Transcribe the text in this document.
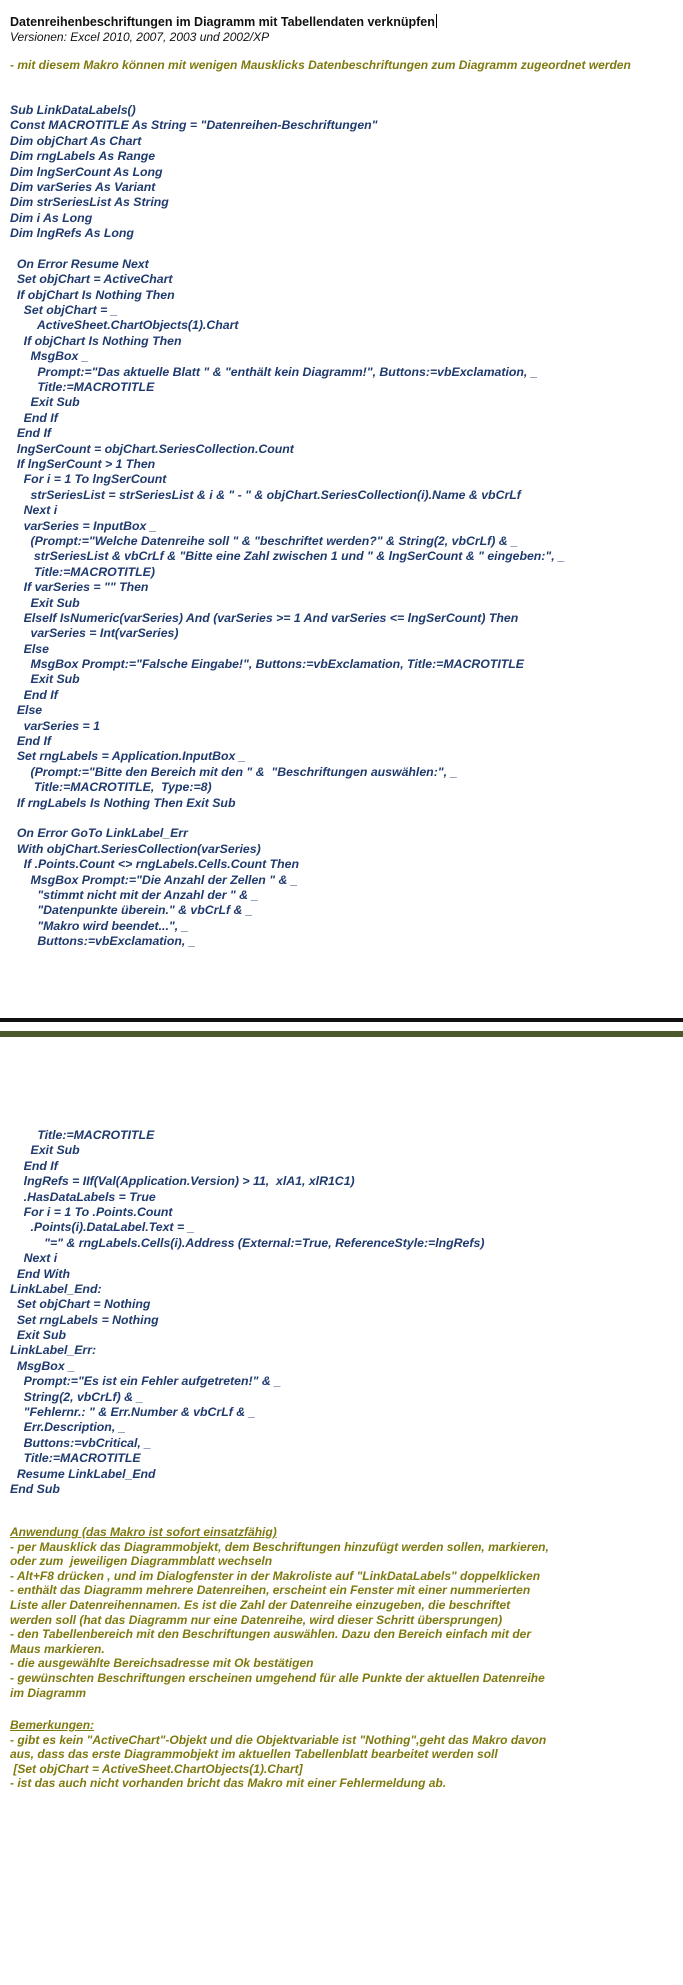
Datenreihenbeschriftungen im Diagramm mit Tabellendaten verknüpfen
Versionen: Excel 2010, 2007, 2003 und 2002/XP
- mit diesem Makro können mit wenigen Mausklicks Datenbeschriftungen zum Diagramm zugeordnet werden
Sub LinkDataLabels()
Const MACROTITLE As String = "Datenreihen-Beschriftungen"
Dim objChart As Chart
Dim rngLabels As Range
Dim lngSerCount As Long
Dim varSeries As Variant
Dim strSeriesList As String
Dim i As Long
Dim lngRefs As Long
On Error Resume Next
Set objChart = ActiveChart
If objChart Is Nothing Then
Set objChart = _
ActiveSheet.ChartObjects(1).Chart
If objChart Is Nothing Then
MsgBox _
Prompt:="Das aktuelle Blatt " & "enthält kein Diagramm!", Buttons:=vbExclamation, _
Title:=MACROTITLE
Exit Sub
End If
End If
lngSerCount = objChart.SeriesCollection.Count
If lngSerCount > 1 Then
For i = 1 To lngSerCount
strSeriesList = strSeriesList & i & " - " & objChart.SeriesCollection(i).Name & vbCrLf
Next i
varSeries = InputBox _
(Prompt:="Welche Datenreihe soll " & "beschriftet werden?" & String(2, vbCrLf) & _
strSeriesList & vbCrLf & "Bitte eine Zahl zwischen 1 und " & lngSerCount & " eingeben:", _
Title:=MACROTITLE)
If varSeries = "" Then
Exit Sub
ElseIf IsNumeric(varSeries) And (varSeries >= 1 And varSeries <= lngSerCount) Then
varSeries = Int(varSeries)
Else
MsgBox Prompt:="Falsche Eingabe!", Buttons:=vbExclamation, Title:=MACROTITLE
Exit Sub
End If
Else
varSeries = 1
End If
Set rngLabels = Application.InputBox _
(Prompt:="Bitte den Bereich mit den " &  "Beschriftungen auswählen:", _
Title:=MACROTITLE,  Type:=8)
If rngLabels Is Nothing Then Exit Sub
On Error GoTo LinkLabel_Err
With objChart.SeriesCollection(varSeries)
If .Points.Count <> rngLabels.Cells.Count Then
MsgBox Prompt:="Die Anzahl der Zellen " & _
"stimmt nicht mit der Anzahl der " & _
"Datenpunkte überein." & vbCrLf & _
"Makro wird beendet...", _
Buttons:=vbExclamation, _
Title:=MACROTITLE
Exit Sub
End If
lngRefs = IIf(Val(Application.Version) > 11,  xlA1, xlR1C1)
.HasDataLabels = True
For i = 1 To .Points.Count
.Points(i).DataLabel.Text = _
"=" & rngLabels.Cells(i).Address (External:=True, ReferenceStyle:=lngRefs)
Next i
End With
LinkLabel_End:
Set objChart = Nothing
Set rngLabels = Nothing
Exit Sub
LinkLabel_Err:
MsgBox _
Prompt:="Es ist ein Fehler aufgetreten!" & _
String(2, vbCrLf) & _
"Fehlernr.: " & Err.Number & vbCrLf & _
Err.Description, _
Buttons:=vbCritical, _
Title:=MACROTITLE
Resume LinkLabel_End
End Sub
Anwendung (das Makro ist sofort einsatzfähig)
- per Mausklick das Diagrammobjekt, dem Beschriftungen hinzufügt werden sollen, markieren,
oder zum  jeweiligen Diagrammblatt wechseln
- Alt+F8 drücken , und im Dialogfenster in der Makroliste auf "LinkDataLabels" doppelklicken
- enthält das Diagramm mehrere Datenreihen, erscheint ein Fenster mit einer nummerierten
Liste aller Datenreihennamen. Es ist die Zahl der Datenreihe einzugeben, die beschriftet
werden soll (hat das Diagramm nur eine Datenreihe, wird dieser Schritt übersprungen)
- den Tabellenbereich mit den Beschriftungen auswählen. Dazu den Bereich einfach mit der
Maus markieren.
- die ausgewählte Bereichsadresse mit Ok bestätigen
- gewünschten Beschriftungen erscheinen umgehend für alle Punkte der aktuellen Datenreihe
im Diagramm
Bemerkungen:
- gibt es kein "ActiveChart"-Objekt und die Objektvariable ist "Nothing",geht das Makro davon
aus, dass das erste Diagrammobjekt im aktuellen Tabellenblatt bearbeitet werden soll
[Set objChart = ActiveSheet.ChartObjects(1).Chart]
- ist das auch nicht vorhanden bricht das Makro mit einer Fehlermeldung ab.
